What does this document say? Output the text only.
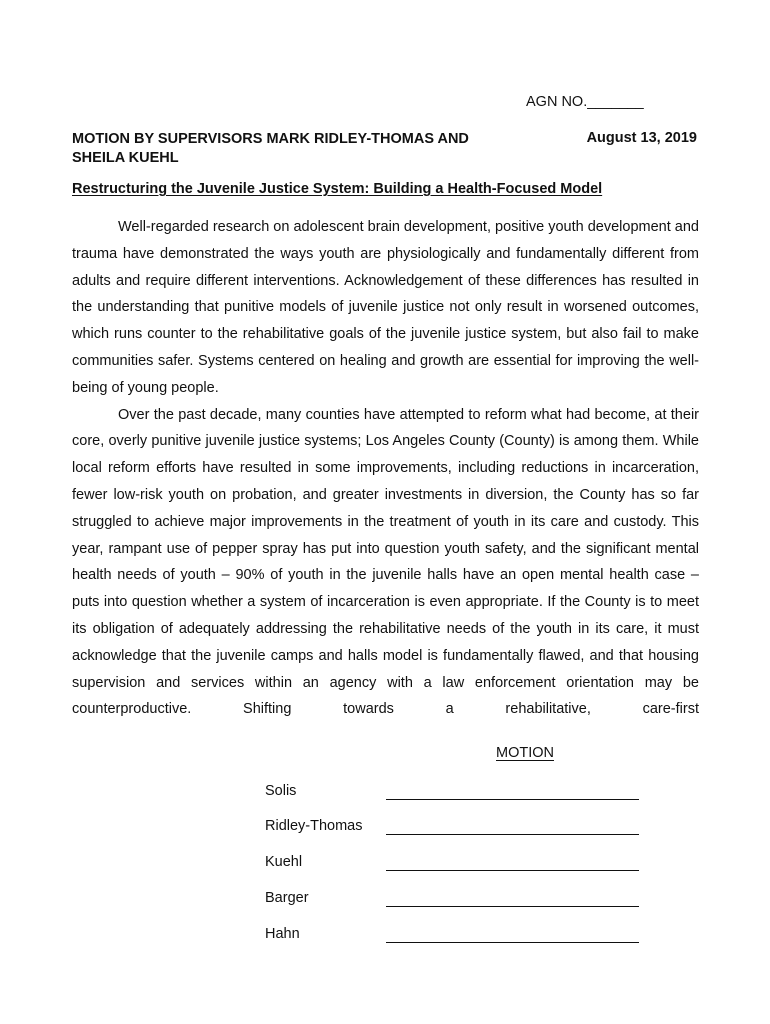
AGN NO._______
MOTION BY SUPERVISORS MARK RIDLEY-THOMAS AND SHEILA KUEHL
August 13, 2019
Restructuring the Juvenile Justice System: Building a Health-Focused Model

Well-regarded research on adolescent brain development, positive youth development and trauma have demonstrated the ways youth are physiologically and fundamentally different from adults and require different interventions. Acknowledgement of these differences has resulted in the understanding that punitive models of juvenile justice not only result in worsened outcomes, which runs counter to the rehabilitative goals of the juvenile justice system, but also fail to make communities safer. Systems centered on healing and growth are essential for improving the well-being of young people.

Over the past decade, many counties have attempted to reform what had become, at their core, overly punitive juvenile justice systems; Los Angeles County (County) is among them. While local reform efforts have resulted in some improvements, including reductions in incarceration, fewer low-risk youth on probation, and greater investments in diversion, the County has so far struggled to achieve major improvements in the treatment of youth in its care and custody. This year, rampant use of pepper spray has put into question youth safety, and the significant mental health needs of youth – 90% of youth in the juvenile halls have an open mental health case – puts into question whether a system of incarceration is even appropriate. If the County is to meet its obligation of adequately addressing the rehabilitative needs of the youth in its care, it must acknowledge that the juvenile camps and halls model is fundamentally flawed, and that housing supervision and services within an agency with a law enforcement orientation may be counterproductive. Shifting towards a rehabilitative, care-first

MOTION
Solis
Ridley-Thomas
Kuehl
Barger
Hahn
